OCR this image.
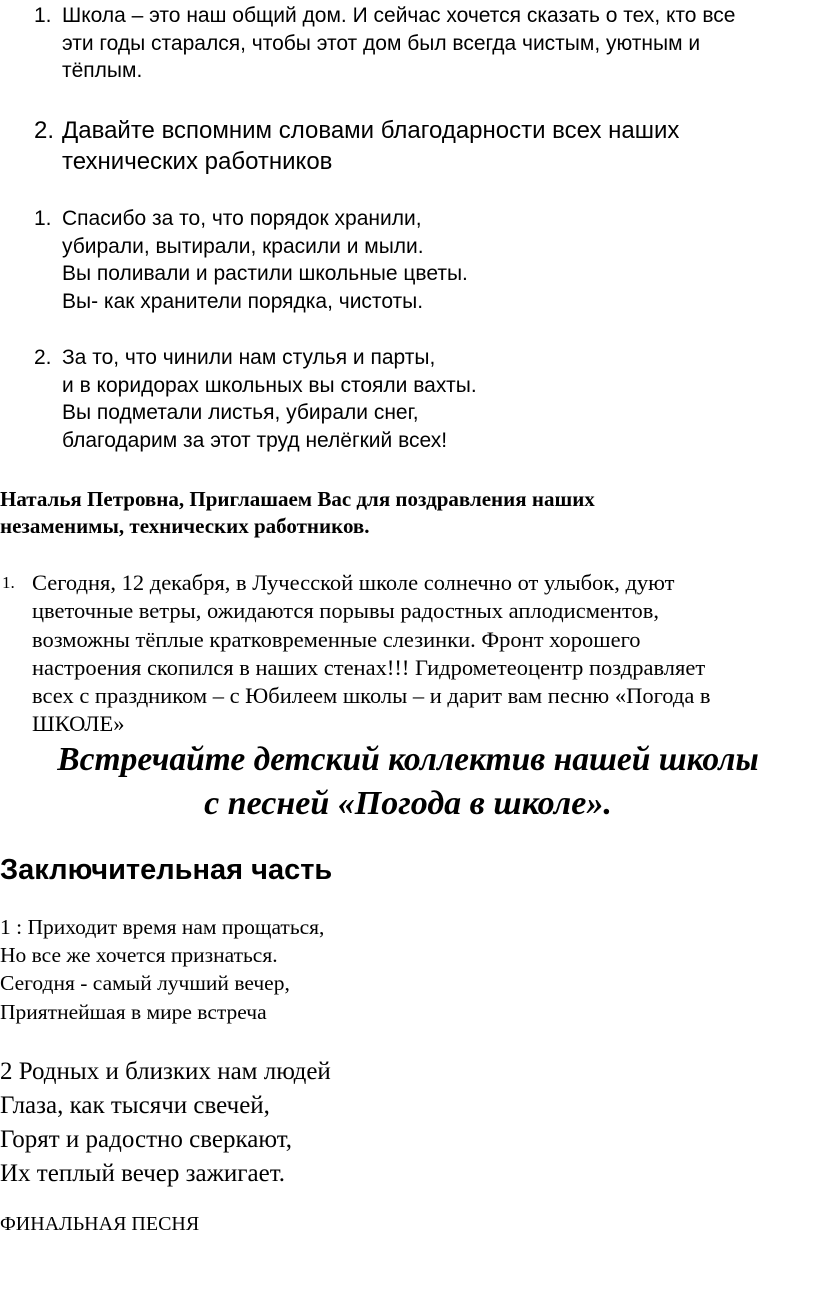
1. Школа – это наш общий дом. И сейчас хочется сказать о тех, кто все
эти годы старался, чтобы этот дом был всегда чистым, уютным и
тёплым.
2. Давайте вспомним словами благодарности всех наших
технических работников
1. Спасибо за то, что порядок хранили,
убирали, вытирали, красили и мыли.
Вы поливали и растили школьные цветы.
Вы- как хранители порядка, чистоты.
2. За то, что чинили нам стулья и парты,
и в коридорах школьных вы стояли вахты.
Вы подметали листья, убирали снег,
благодарим за этот труд нелёгкий всех!
Наталья Петровна, Приглашаем Вас для поздравления наших
незаменимы, технических работников.
1. Сегодня, 12 декабря, в Лучесской школе солнечно от улыбок, дуют
цветочные ветры, ожидаются порывы радостных аплодисментов,
возможны тёплые кратковременные слезинки. Фронт хорошего
настроения скопился в наших стенах!!! Гидрометеоцентр поздравляет
всех с праздником – с Юбилеем школы – и дарит вам песню «Погода в
ШКОЛЕ»
Встречайте детский коллектив нашей школы
с песней «Погода в школе».
Заключительная часть
1 : Приходит время нам прощаться,
Но все же хочется признаться.
Сегодня - самый лучший вечер,
Приятнейшая в мире встреча
2 Родных и близких нам людей
Глаза, как тысячи свечей,
Горят и радостно сверкают,
Их теплый вечер зажигает.
ФИНАЛЬНАЯ ПЕСНЯ
